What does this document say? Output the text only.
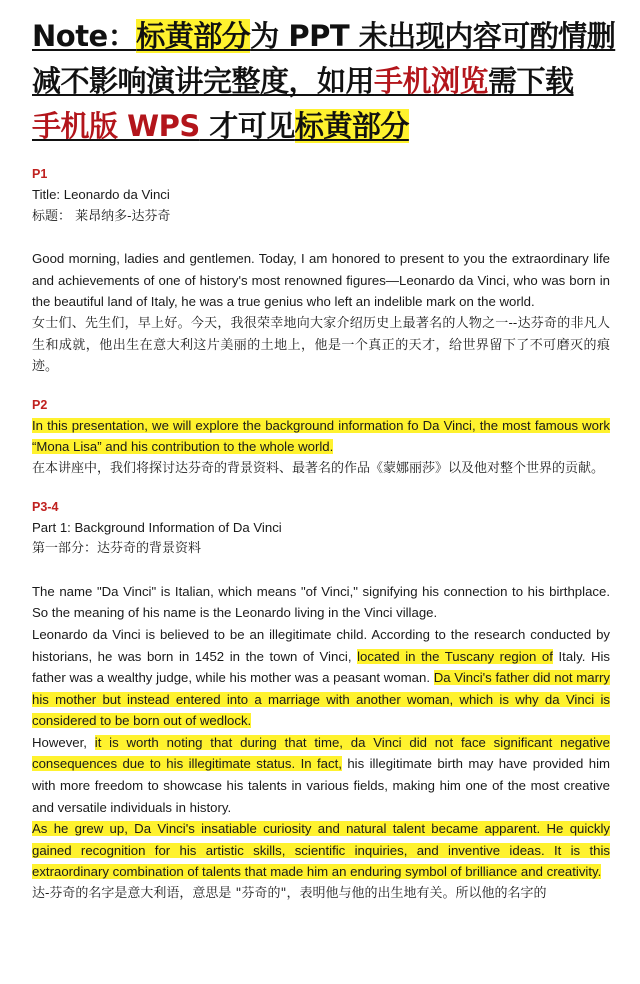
Note：标黄部分为 PPT 未出现内容可酌情删减不影响演讲完整度，如用手机浏览需下载
手机版 WPS 才可见标黄部分

P1

Title: Leonardo da Vinci

标题： 莱昂纳多-达芬奇

Good morning, ladies and gentlemen. Today, I am honored to present to you the extraordinary life and achievements of one of history's most renowned figures—Leonardo da Vinci, who was born in the beautiful land of Italy, he was a true genius who left an indelible mark on the world.

女士们、先生们，早上好。今天，我很荣幸地向大家介绍历史上最著名的人物之一--达芬奇的非凡人生和成就，他出生在意大利这片美丽的土地上，他是一个真正的天才，给世界留下了不可磨灭的痕迹。

P2

In this presentation, we will explore the background information fo Da Vinci, the most famous work “Mona Lisa” and his contribution to the whole world.

在本讲座中，我们将探讨达芬奇的背景资料、最著名的作品《蒙娜丽莎》以及他对整个世界的贡献。

P3-4

Part 1: Background Information of Da Vinci

第一部分：达芬奇的背景资料

The name "Da Vinci" is Italian, which means "of Vinci," signifying his connection to his birthplace. So the meaning of his name is the Leonardo living in the Vinci village.

Leonardo da Vinci is believed to be an illegitimate child. According to the research conducted by historians, he was born in 1452 in the town of Vinci, located in the Tuscany region of Italy. His father was a wealthy judge, while his mother was a peasant woman. Da Vinci's father did not marry his mother but instead entered into a marriage with another woman, which is why da Vinci is considered to be born out of wedlock.

However, it is worth noting that during that time, da Vinci did not face significant negative consequences due to his illegitimate status. In fact, his illegitimate birth may have provided him with more freedom to showcase his talents in various fields, making him one of the most creative and versatile individuals in history.

As he grew up, Da Vinci's insatiable curiosity and natural talent became apparent. He quickly gained recognition for his artistic skills, scientific inquiries, and inventive ideas. It is this extraordinary combination of talents that made him an enduring symbol of brilliance and creativity.

达-芬奇的名字是意大利语，意思是 "芬奇的"，表明他与他的出生地有关。所以他的名字的
